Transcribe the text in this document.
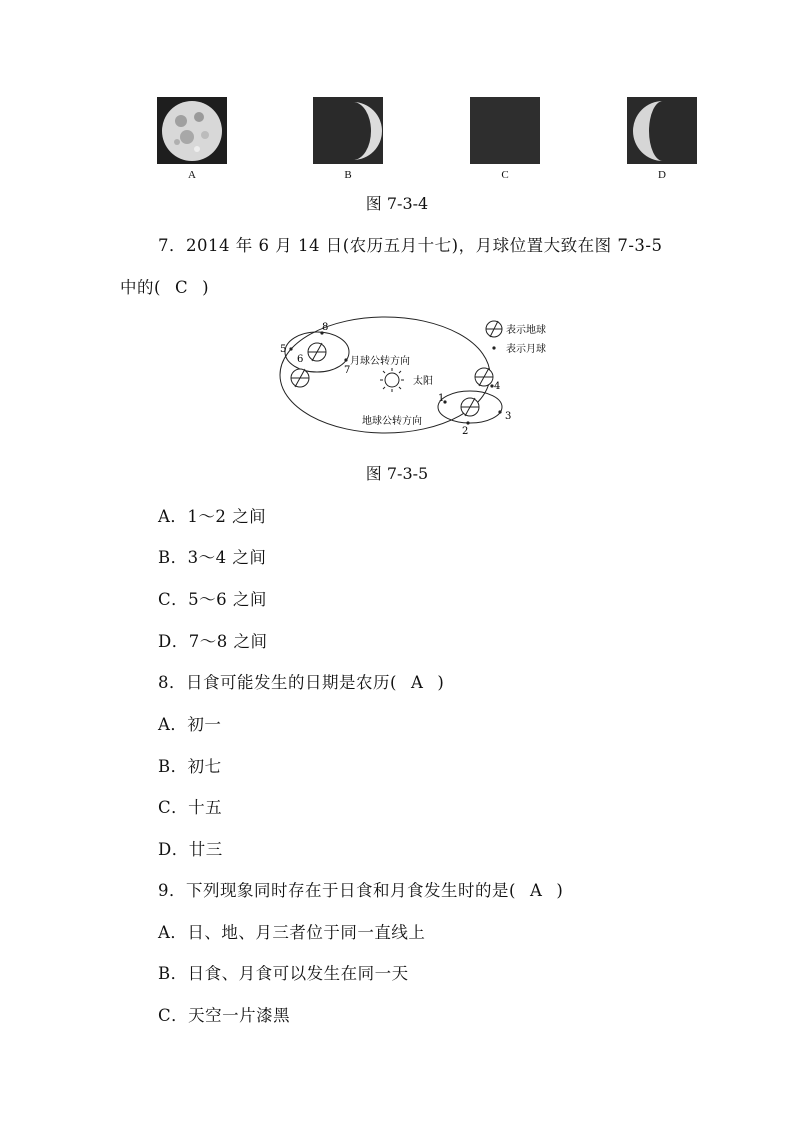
A	B	C	D
图 7-3-4
7．2014 年 6 月 14 日(农历五月十七)，月球位置大致在图 7-3-5
中的( C )
1
2
3
4
5
6
7
8
月球公转方向
太阳
地球公转方向
表示地球
表示月球
图 7-3-5
A．1～2 之间
B．3～4 之间
C．5～6 之间
D．7～8 之间
8．日食可能发生的日期是农历( A )
A．初一
B．初七
C．十五
D．廿三
9．下列现象同时存在于日食和月食发生时的是( A )
A．日、地、月三者位于同一直线上
B．日食、月食可以发生在同一天
C．天空一片漆黑
